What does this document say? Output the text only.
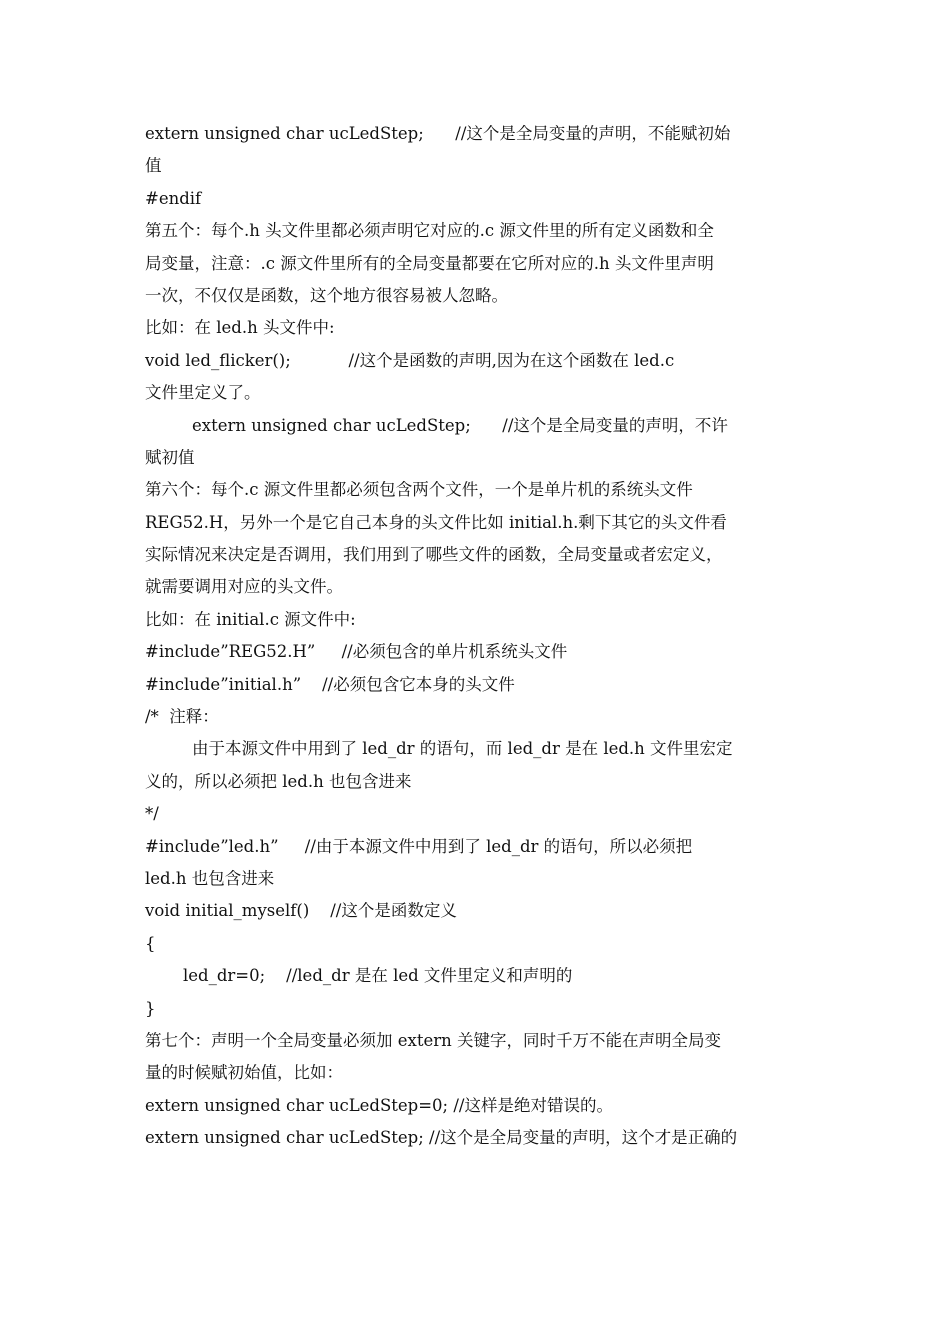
extern unsigned char ucLedStep;      //这个是全局变量的声明，不能赋初始
值
#endif
第五个：每个.h 头文件里都必须声明它对应的.c 源文件里的所有定义函数和全
局变量，注意：.c 源文件里所有的全局变量都要在它所对应的.h 头文件里声明
一次，不仅仅是函数，这个地方很容易被人忽略。
比如：在 led.h 头文件中:
void led_flicker();           //这个是函数的声明,因为在这个函数在 led.c
文件里定义了。
extern unsigned char ucLedStep;      //这个是全局变量的声明，不许
赋初值
第六个：每个.c 源文件里都必须包含两个文件，一个是单片机的系统头文件
REG52.H，另外一个是它自己本身的头文件比如 initial.h.剩下其它的头文件看
实际情况来决定是否调用，我们用到了哪些文件的函数，全局变量或者宏定义，
就需要调用对应的头文件。
比如：在 initial.c 源文件中:
#include”REG52.H”     //必须包含的单片机系统头文件
#include”initial.h”    //必须包含它本身的头文件
/*  注释：
由于本源文件中用到了 led_dr 的语句，而 led_dr 是在 led.h 文件里宏定
义的，所以必须把 led.h 也包含进来
*/
#include”led.h”     //由于本源文件中用到了 led_dr 的语句，所以必须把
led.h 也包含进来
void initial_myself()    //这个是函数定义
{
led_dr=0;    //led_dr 是在 led 文件里定义和声明的
}
第七个：声明一个全局变量必须加 extern 关键字，同时千万不能在声明全局变
量的时候赋初始值，比如：
extern unsigned char ucLedStep=0; //这样是绝对错误的。
extern unsigned char ucLedStep; //这个是全局变量的声明，这个才是正确的
